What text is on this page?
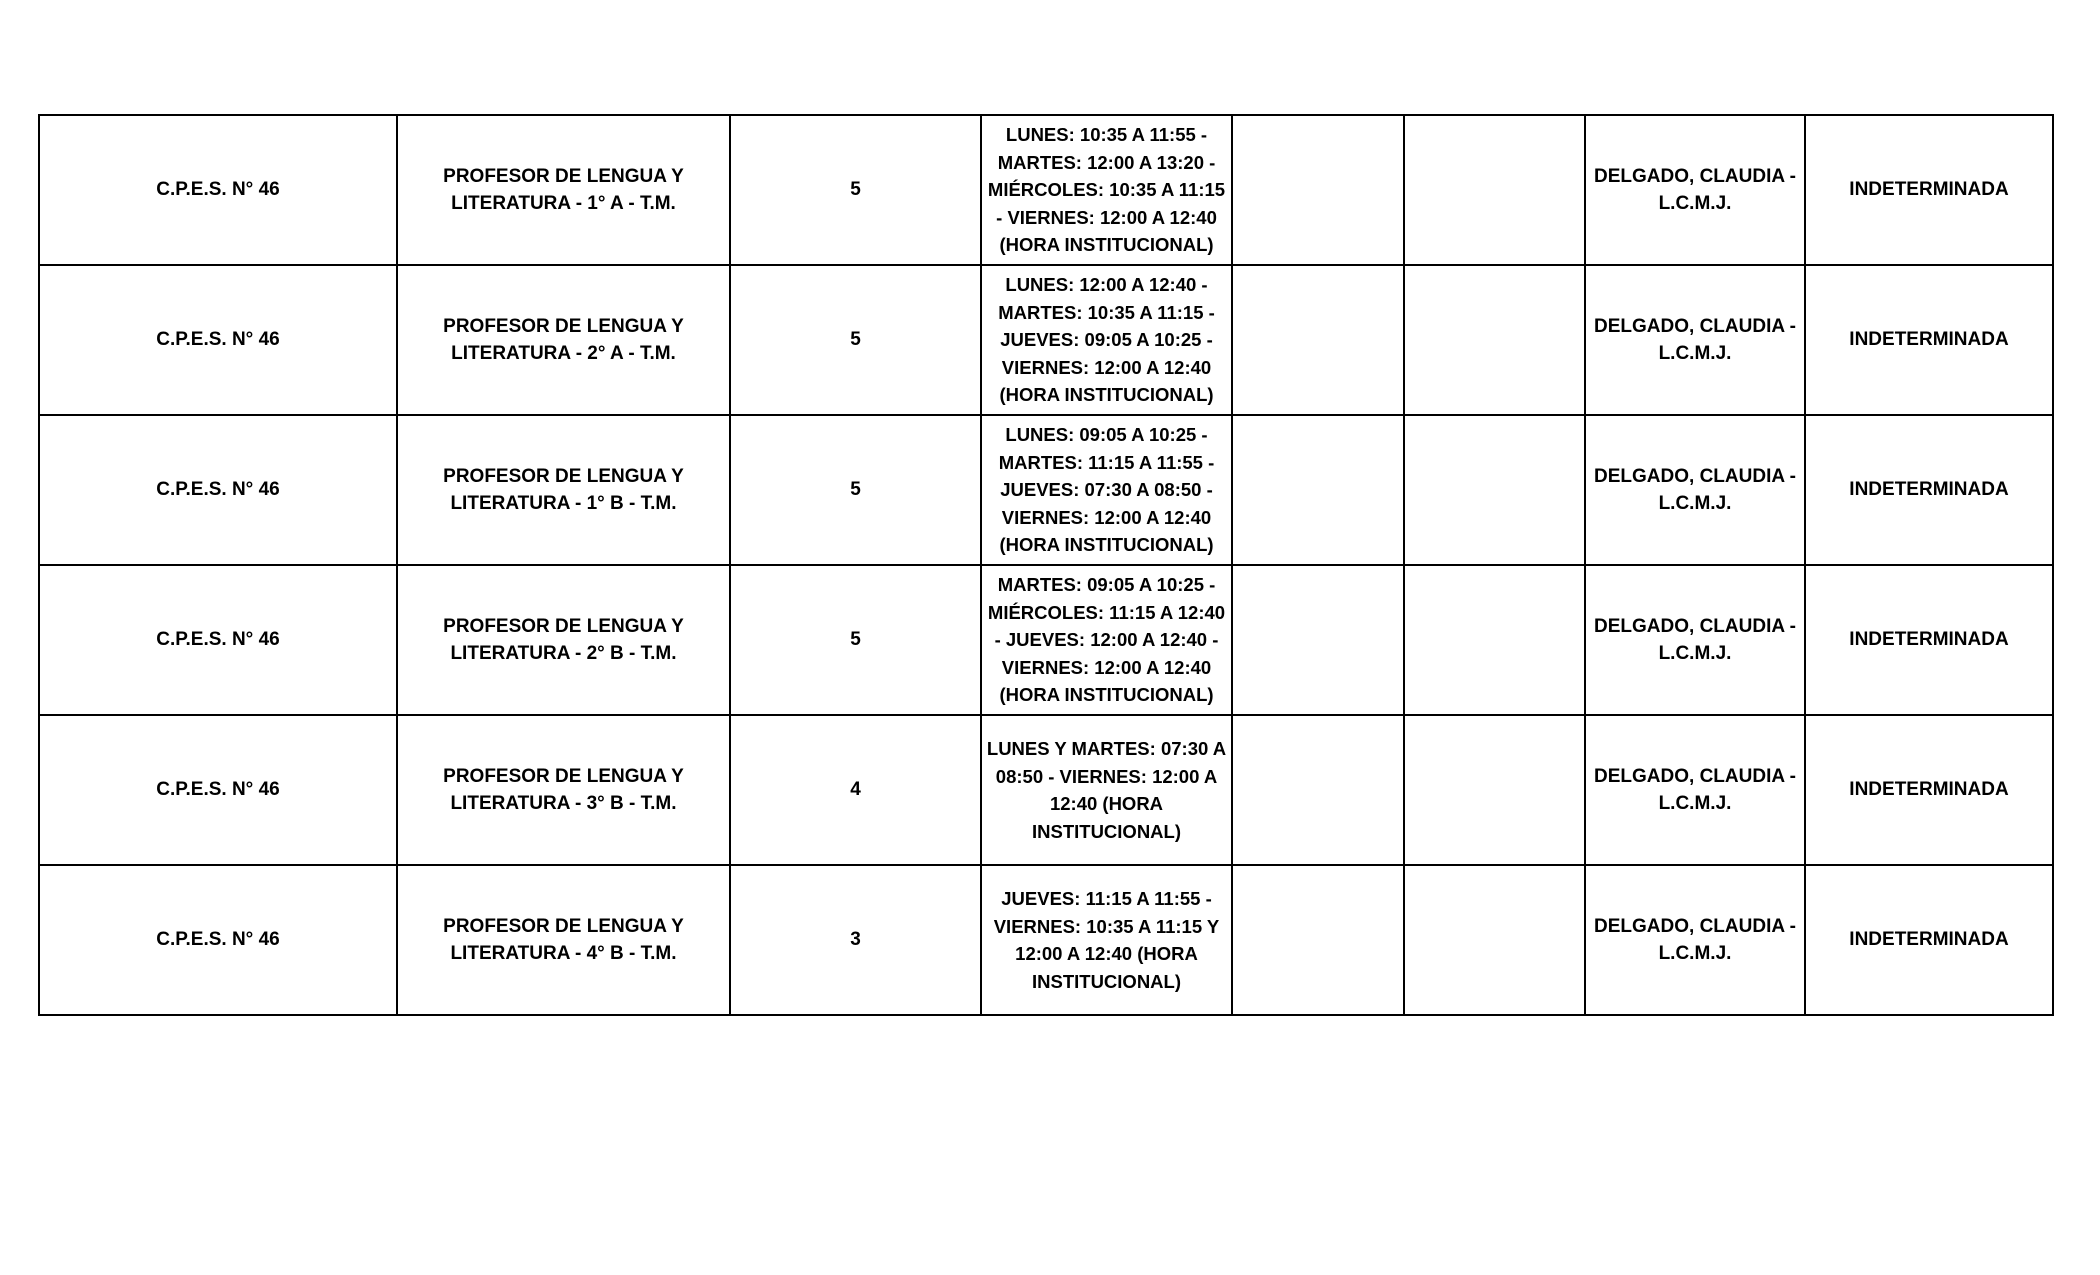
C.P.E.S. N° 46	PROFESOR DE LENGUA Y LITERATURA - 1° A - T.M.	5	LUNES: 10:35 A 11:55 - MARTES: 12:00 A 13:20 - MIÉRCOLES: 10:35 A 11:15 - VIERNES: 12:00 A 12:40 (HORA INSTITUCIONAL)			DELGADO, CLAUDIA - L.C.M.J.	INDETERMINADA
C.P.E.S. N° 46	PROFESOR DE LENGUA Y LITERATURA - 2° A - T.M.	5	LUNES: 12:00 A 12:40 - MARTES: 10:35 A 11:15 - JUEVES: 09:05 A 10:25 - VIERNES: 12:00 A 12:40 (HORA INSTITUCIONAL)			DELGADO, CLAUDIA - L.C.M.J.	INDETERMINADA
C.P.E.S. N° 46	PROFESOR DE LENGUA Y LITERATURA - 1° B - T.M.	5	LUNES: 09:05 A 10:25 - MARTES: 11:15 A 11:55 - JUEVES: 07:30 A 08:50 - VIERNES: 12:00 A 12:40 (HORA INSTITUCIONAL)			DELGADO, CLAUDIA - L.C.M.J.	INDETERMINADA
C.P.E.S. N° 46	PROFESOR DE LENGUA Y LITERATURA - 2° B - T.M.	5	MARTES: 09:05 A 10:25 - MIÉRCOLES: 11:15 A 12:40 - JUEVES: 12:00 A 12:40 - VIERNES: 12:00 A 12:40 (HORA INSTITUCIONAL)			DELGADO, CLAUDIA - L.C.M.J.	INDETERMINADA
C.P.E.S. N° 46	PROFESOR DE LENGUA Y LITERATURA - 3° B - T.M.	4	LUNES Y MARTES: 07:30 A 08:50 - VIERNES: 12:00 A 12:40 (HORA INSTITUCIONAL)			DELGADO, CLAUDIA - L.C.M.J.	INDETERMINADA
C.P.E.S. N° 46	PROFESOR DE LENGUA Y LITERATURA - 4° B - T.M.	3	JUEVES: 11:15 A 11:55 - VIERNES: 10:35 A 11:15 Y 12:00 A 12:40 (HORA INSTITUCIONAL)			DELGADO, CLAUDIA - L.C.M.J.	INDETERMINADA
